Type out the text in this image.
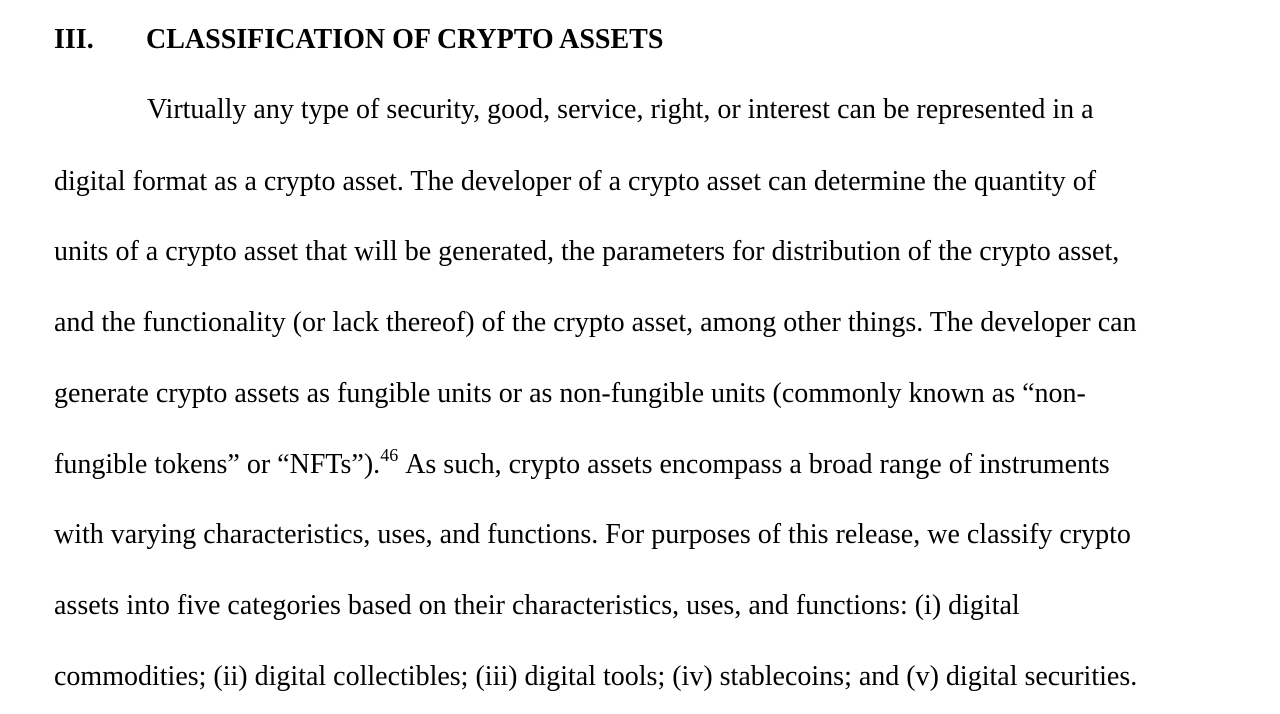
III. CLASSIFICATION OF CRYPTO ASSETS
Virtually any type of security, good, service, right, or interest can be represented in a
digital format as a crypto asset. The developer of a crypto asset can determine the quantity of
units of a crypto asset that will be generated, the parameters for distribution of the crypto asset,
and the functionality (or lack thereof) of the crypto asset, among other things. The developer can
generate crypto assets as fungible units or as non-fungible units (commonly known as “non-
fungible tokens” or “NFTs”).$^{46}$ As such, crypto assets encompass a broad range of instruments
with varying characteristics, uses, and functions. For purposes of this release, we classify crypto
assets into five categories based on their characteristics, uses, and functions: (i) digital
commodities; (ii) digital collectibles; (iii) digital tools; (iv) stablecoins; and (v) digital securities.
